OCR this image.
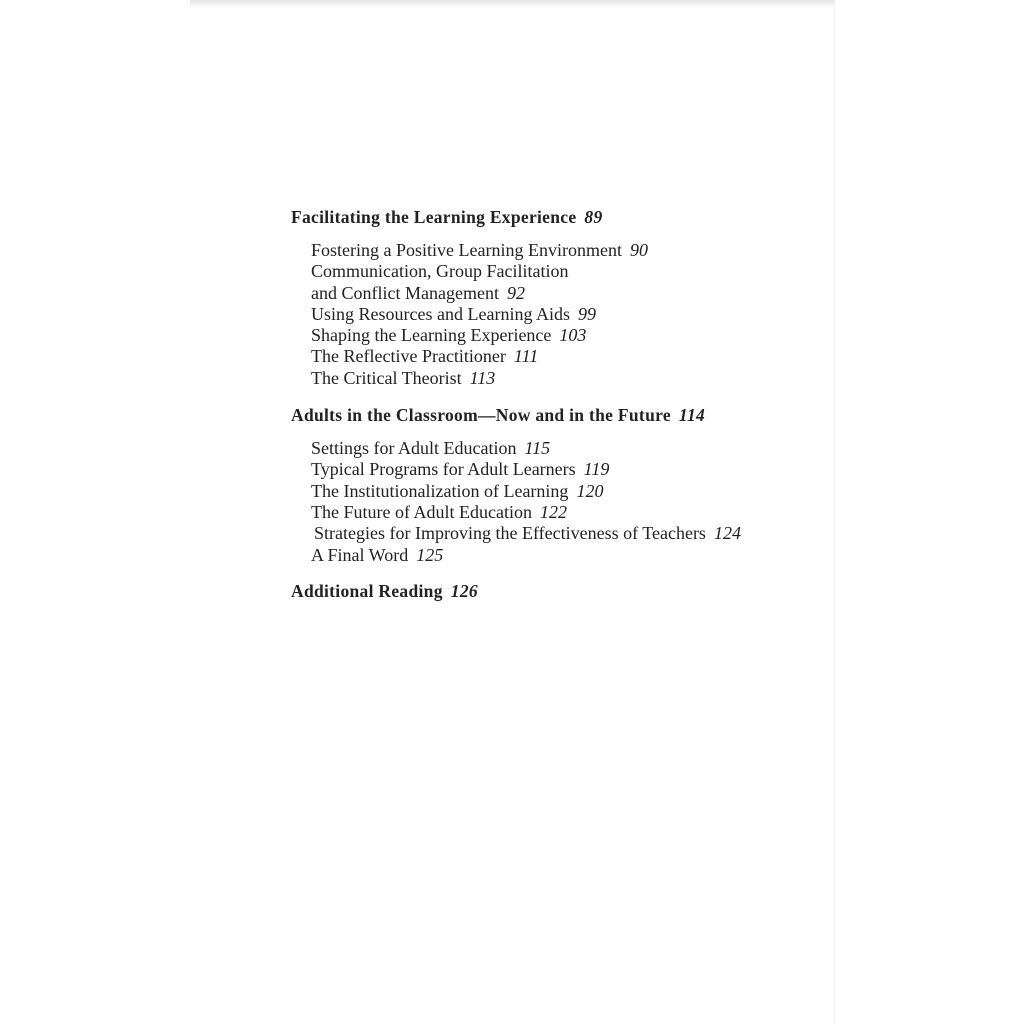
Facilitating the Learning Experience 89
Fostering a Positive Learning Environment 90
Communication, Group Facilitation
and Conflict Management 92
Using Resources and Learning Aids 99
Shaping the Learning Experience 103
The Reflective Practitioner 111
The Critical Theorist 113
Adults in the Classroom—Now and in the Future 114
Settings for Adult Education 115
Typical Programs for Adult Learners 119
The Institutionalization of Learning 120
The Future of Adult Education 122
Strategies for Improving the Effectiveness of Teachers 124
A Final Word 125
Additional Reading 126
